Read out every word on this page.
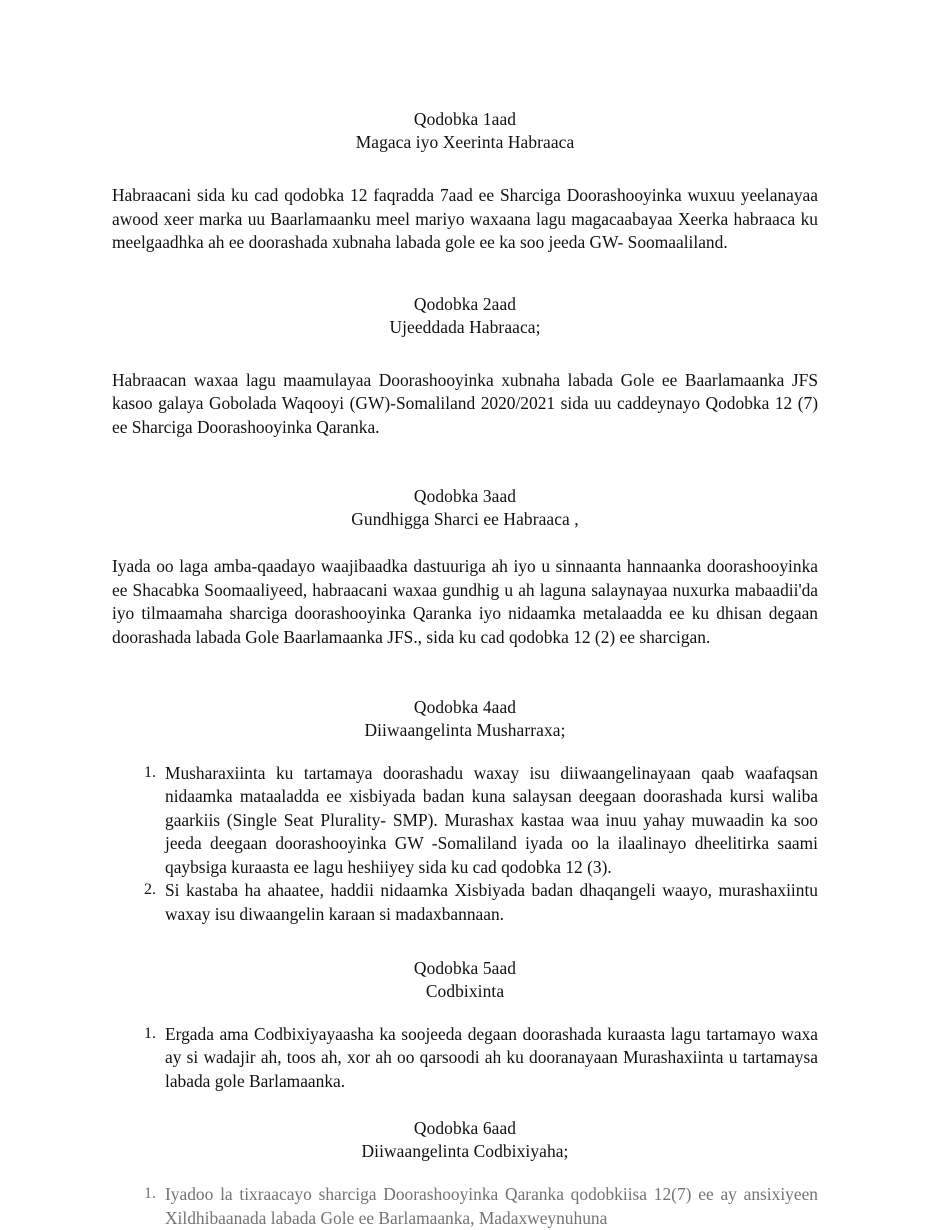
Qodobka 1aad
Magaca iyo Xeerinta Habraaca

Habraacani sida ku cad qodobka 12 faqradda 7aad ee Sharciga Doorashooyinka wuxuu yeelanayaa awood xeer marka uu Baarlamaanku meel mariyo waxaana lagu magacaabayaa Xeerka habraaca ku meelgaadhka ah ee doorashada xubnaha labada gole ee ka soo jeeda GW- Soomaaliland.

Qodobka 2aad
Ujeeddada Habraaca;

Habraacan waxaa lagu maamulayaa Doorashooyinka xubnaha labada Gole ee Baarlamaanka JFS kasoo galaya Gobolada Waqooyi (GW)-Somaliland 2020/2021 sida uu caddeynayo Qodobka 12 (7) ee Sharciga Doorashooyinka Qaranka.

Qodobka 3aad
Gundhigga Sharci ee Habraaca ,

Iyada oo laga amba-qaadayo waajibaadka dastuuriga ah iyo u sinnaanta hannaanka doorashooyinka ee Shacabka Soomaaliyeed, habraacani waxaa gundhig u ah laguna salaynayaa nuxurka mabaadii'da iyo tilmaamaha sharciga doorashooyinka Qaranka iyo nidaamka metalaadda ee ku dhisan degaan doorashada labada Gole Baarlamaanka JFS., sida ku cad qodobka 12 (2) ee sharcigan.

Qodobka 4aad
Diiwaangelinta Musharraxa;
1. Musharaxiinta ku tartamaya doorashadu waxay isu diiwaangelinayaan qaab waafaqsan nidaamka mataaladda ee xisbiyada badan kuna salaysan deegaan doorashada kursi waliba gaarkiis (Single Seat Plurality- SMP). Murashax kastaa waa inuu yahay muwaadin ka soo jeeda deegaan doorashooyinka GW -Somaliland iyada oo la ilaalinayo dheelitirka saami qaybsiga kuraasta ee lagu heshiiyey sida ku cad qodobka 12 (3).
2. Si kastaba ha ahaatee, haddii nidaamka Xisbiyada badan dhaqangeli waayo, murashaxiintu waxay isu diwaangelin karaan si madaxbannaan.
Qodobka 5aad
Codbixinta
1. Ergada ama Codbixiyayaasha ka soojeeda degaan doorashada kuraasta lagu tartamayo waxa ay si wadajir ah, toos ah, xor ah oo qarsoodi ah ku dooranayaan Murashaxiinta u tartamaysa labada gole Barlamaanka.
Qodobka 6aad
Diiwaangelinta Codbixiyaha;
1. Iyadoo la tixraacayo sharciga Doorashooyinka Qaranka qodobkiisa 12(7) ee ay ansixiyeen Xildhibaanada labada Gole ee Barlamaanka, Madaxweynuhuna
